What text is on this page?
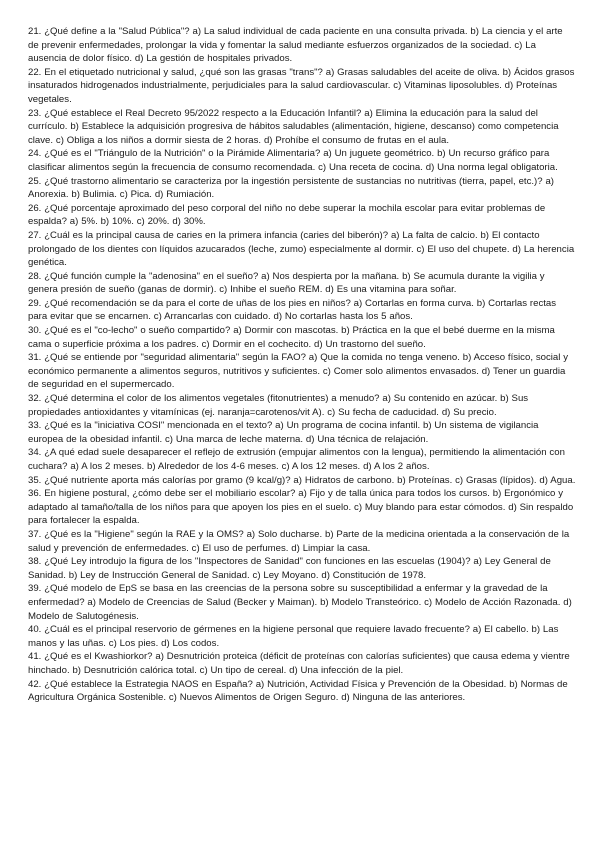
21. ¿Qué define a la "Salud Pública"? a) La salud individual de cada paciente en una consulta privada. b) La ciencia y el arte de prevenir enfermedades, prolongar la vida y fomentar la salud mediante esfuerzos organizados de la sociedad. c) La ausencia de dolor físico. d) La gestión de hospitales privados.

22. En el etiquetado nutricional y salud, ¿qué son las grasas "trans"? a) Grasas saludables del aceite de oliva. b) Ácidos grasos insaturados hidrogenados industrialmente, perjudiciales para la salud cardiovascular. c) Vitaminas liposolubles. d) Proteínas vegetales.

23. ¿Qué establece el Real Decreto 95/2022 respecto a la Educación Infantil? a) Elimina la educación para la salud del currículo. b) Establece la adquisición progresiva de hábitos saludables (alimentación, higiene, descanso) como competencia clave. c) Obliga a los niños a dormir siesta de 2 horas. d) Prohíbe el consumo de frutas en el aula.

24. ¿Qué es el "Triángulo de la Nutrición" o la Pirámide Alimentaria? a) Un juguete geométrico. b) Un recurso gráfico para clasificar alimentos según la frecuencia de consumo recomendada. c) Una receta de cocina. d) Una norma legal obligatoria.

25. ¿Qué trastorno alimentario se caracteriza por la ingestión persistente de sustancias no nutritivas (tierra, papel, etc.)? a) Anorexia. b) Bulimia. c) Pica. d) Rumiación.

26. ¿Qué porcentaje aproximado del peso corporal del niño no debe superar la mochila escolar para evitar problemas de espalda? a) 5%. b) 10%. c) 20%. d) 30%.

27. ¿Cuál es la principal causa de caries en la primera infancia (caries del biberón)? a) La falta de calcio. b) El contacto prolongado de los dientes con líquidos azucarados (leche, zumo) especialmente al dormir. c) El uso del chupete. d) La herencia genética.

28. ¿Qué función cumple la "adenosina" en el sueño? a) Nos despierta por la mañana. b) Se acumula durante la vigilia y genera presión de sueño (ganas de dormir). c) Inhibe el sueño REM. d) Es una vitamina para soñar.

29. ¿Qué recomendación se da para el corte de uñas de los pies en niños? a) Cortarlas en forma curva. b) Cortarlas rectas para evitar que se encarnen. c) Arrancarlas con cuidado. d) No cortarlas hasta los 5 años.

30. ¿Qué es el "co-lecho" o sueño compartido? a) Dormir con mascotas. b) Práctica en la que el bebé duerme en la misma cama o superficie próxima a los padres. c) Dormir en el cochecito. d) Un trastorno del sueño.

31. ¿Qué se entiende por "seguridad alimentaria" según la FAO? a) Que la comida no tenga veneno. b) Acceso físico, social y económico permanente a alimentos seguros, nutritivos y suficientes. c) Comer solo alimentos envasados. d) Tener un guardia de seguridad en el supermercado.

32. ¿Qué determina el color de los alimentos vegetales (fitonutrientes) a menudo? a) Su contenido en azúcar. b) Sus propiedades antioxidantes y vitamínicas (ej. naranja=carotenos/vit A). c) Su fecha de caducidad. d) Su precio.

33. ¿Qué es la "iniciativa COSI" mencionada en el texto? a) Un programa de cocina infantil. b) Un sistema de vigilancia europea de la obesidad infantil. c) Una marca de leche materna. d) Una técnica de relajación.

34. ¿A qué edad suele desaparecer el reflejo de extrusión (empujar alimentos con la lengua), permitiendo la alimentación con cuchara? a) A los 2 meses. b) Alrededor de los 4-6 meses. c) A los 12 meses. d) A los 2 años.

35. ¿Qué nutriente aporta más calorías por gramo (9 kcal/g)? a) Hidratos de carbono. b) Proteínas. c) Grasas (lípidos). d) Agua.

36. En higiene postural, ¿cómo debe ser el mobiliario escolar? a) Fijo y de talla única para todos los cursos. b) Ergonómico y adaptado al tamaño/talla de los niños para que apoyen los pies en el suelo. c) Muy blando para estar cómodos. d) Sin respaldo para fortalecer la espalda.

37. ¿Qué es la "Higiene" según la RAE y la OMS? a) Solo ducharse. b) Parte de la medicina orientada a la conservación de la salud y prevención de enfermedades. c) El uso de perfumes. d) Limpiar la casa.

38. ¿Qué Ley introdujo la figura de los "Inspectores de Sanidad" con funciones en las escuelas (1904)? a) Ley General de Sanidad. b) Ley de Instrucción General de Sanidad. c) Ley Moyano. d) Constitución de 1978.

39. ¿Qué modelo de EpS se basa en las creencias de la persona sobre su susceptibilidad a enfermar y la gravedad de la enfermedad? a) Modelo de Creencias de Salud (Becker y Maiman). b) Modelo Transteórico. c) Modelo de Acción Razonada. d) Modelo de Salutogénesis.

40. ¿Cuál es el principal reservorio de gérmenes en la higiene personal que requiere lavado frecuente? a) El cabello. b) Las manos y las uñas. c) Los pies. d) Los codos.

41. ¿Qué es el Kwashiorkor? a) Desnutrición proteica (déficit de proteínas con calorías suficientes) que causa edema y vientre hinchado. b) Desnutrición calórica total. c) Un tipo de cereal. d) Una infección de la piel.

42. ¿Qué establece la Estrategia NAOS en España? a) Nutrición, Actividad Física y Prevención de la Obesidad. b) Normas de Agricultura Orgánica Sostenible. c) Nuevos Alimentos de Origen Seguro. d) Ninguna de las anteriores.
